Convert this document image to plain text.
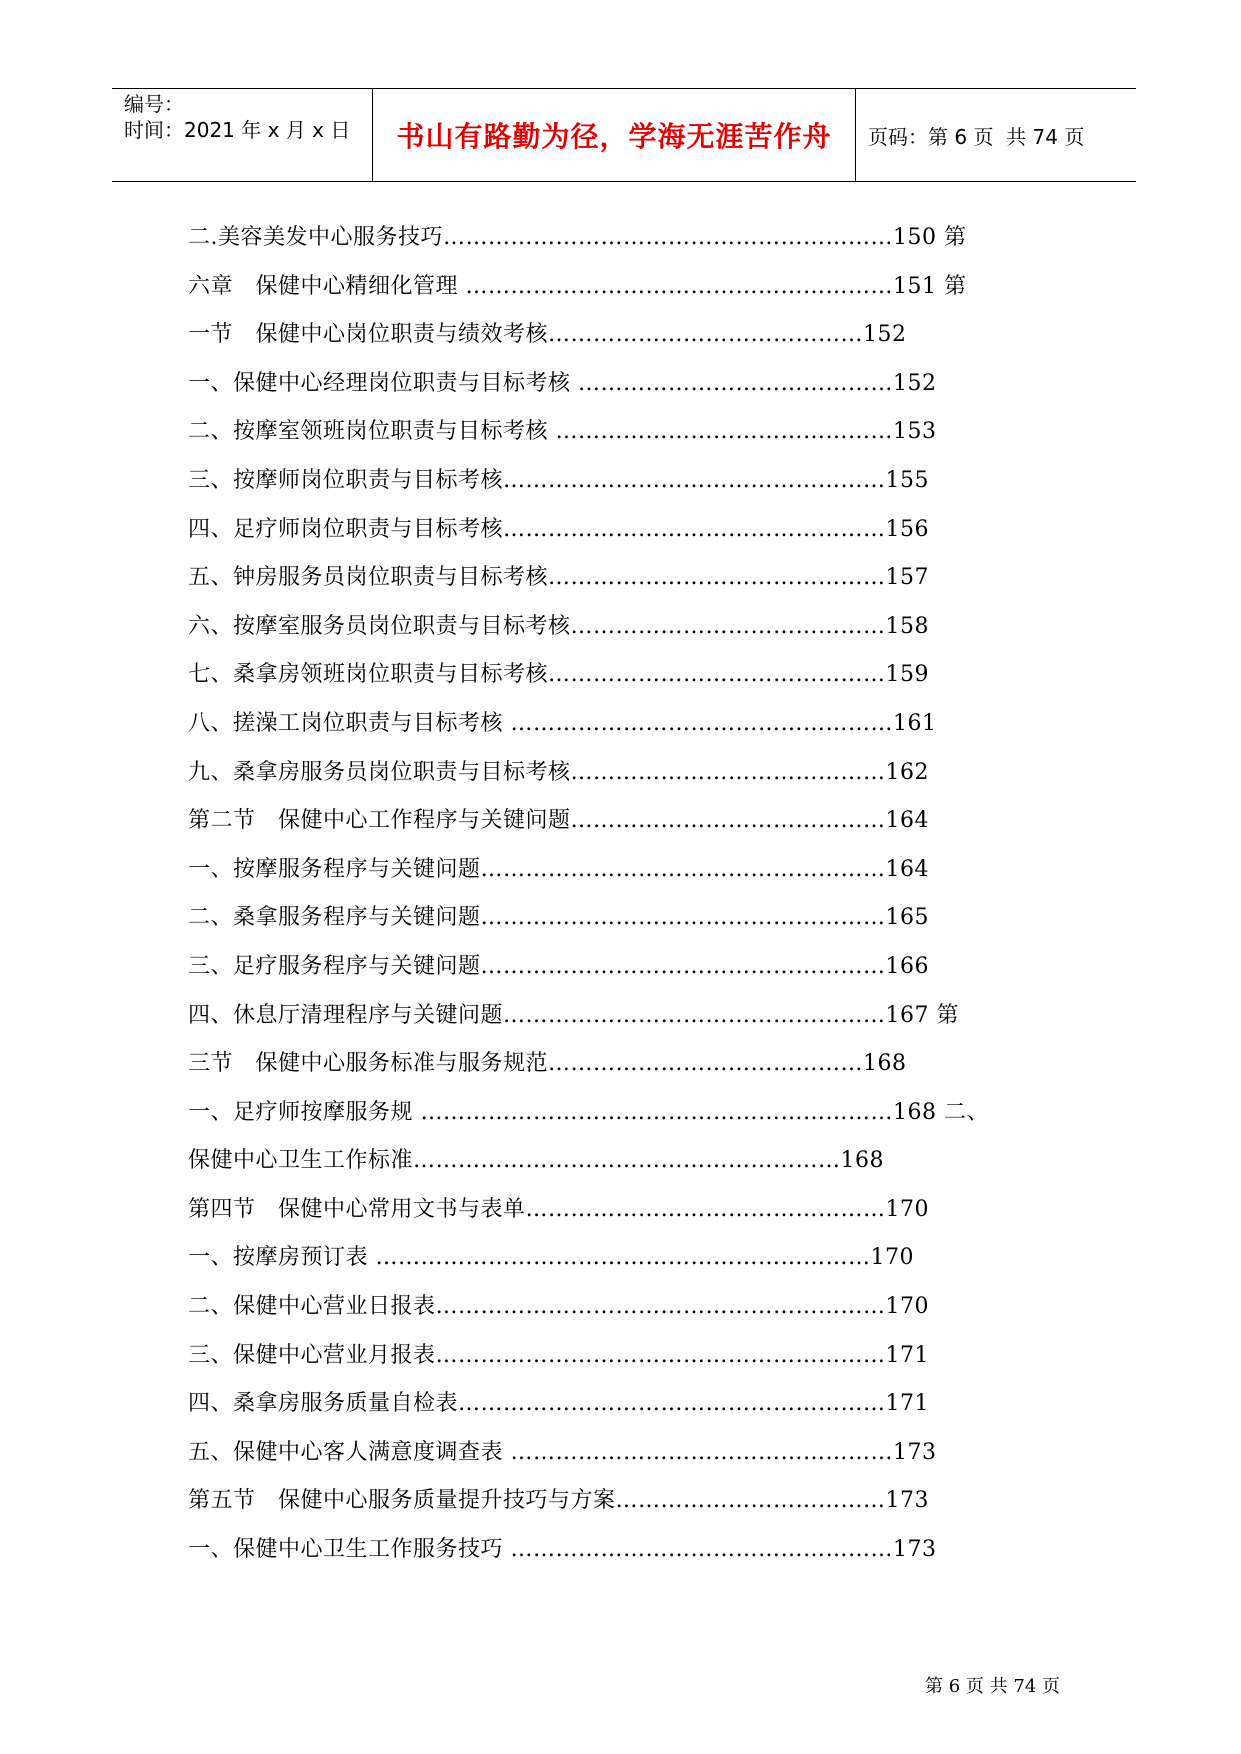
编号：
时间：2021 年 x 月 x 日	书山有路勤为径，学海无涯苦作舟	页码：第 6 页  共 74 页
二.美容美发中心服务技巧……………………………………………………150 第
六章   保健中心精细化管理 …………………………………………………151 第
一节   保健中心岗位职责与绩效考核……………………………………152
一、保健中心经理岗位职责与目标考核 ……………………………………152
二、按摩室领班岗位职责与目标考核 ………………………………………153
三、按摩师岗位职责与目标考核……………………………………………155
四、足疗师岗位职责与目标考核……………………………………………156
五、钟房服务员岗位职责与目标考核………………………………………157
六、按摩室服务员岗位职责与目标考核……………………………………158
七、桑拿房领班岗位职责与目标考核………………………………………159
八、搓澡工岗位职责与目标考核 ……………………………………………161
九、桑拿房服务员岗位职责与目标考核……………………………………162
第二节   保健中心工作程序与关键问题……………………………………164
一、按摩服务程序与关键问题………………………………………………164
二、桑拿服务程序与关键问题………………………………………………165
三、足疗服务程序与关键问题………………………………………………166
四、休息厅清理程序与关键问题……………………………………………167 第
三节   保健中心服务标准与服务规范……………………………………168
一、足疗师按摩服务规 ………………………………………………………168 二、
保健中心卫生工作标准…………………………………………………168
第四节   保健中心常用文书与表单…………………………………………170
一、按摩房预订表 …………………………………………………………170
二、保健中心营业日报表……………………………………………………170
三、保健中心营业月报表……………………………………………………171
四、桑拿房服务质量自检表…………………………………………………171
五、保健中心客人满意度调查表 ……………………………………………173
第五节   保健中心服务质量提升技巧与方案………………………………173
一、保健中心卫生工作服务技巧 ……………………………………………173
第 6 页 共 74 页
